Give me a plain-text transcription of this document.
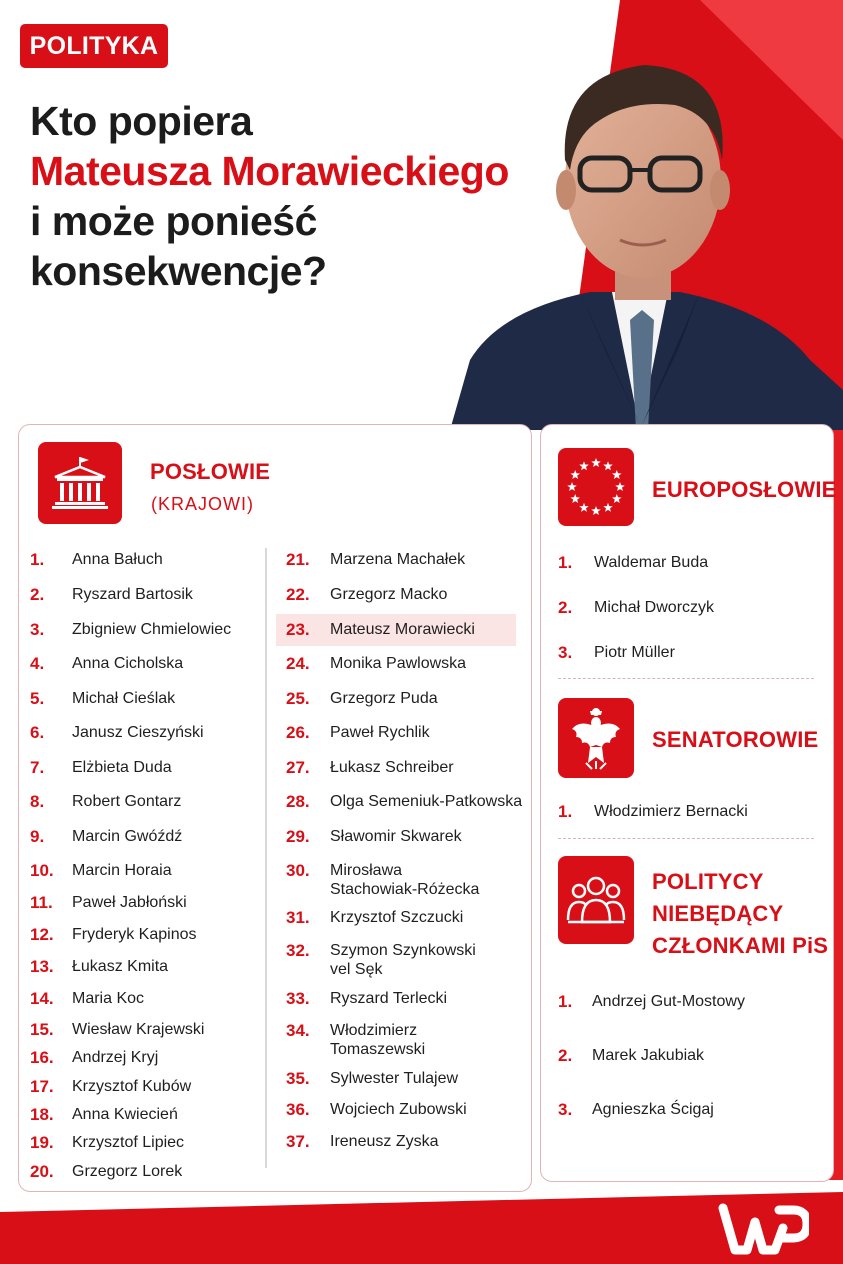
POLITYKA
Kto popiera
Mateusza Morawieckiego
i może ponieść
konsekwencje?
POSŁOWIE
(KRAJOWI)
1.	Anna Bałuch
2.	Ryszard Bartosik
3.	Zbigniew Chmielowiec
4.	Anna Cicholska
5.	Michał Cieślak
6.	Janusz Cieszyński
7.	Elżbieta Duda
8.	Robert Gontarz
9.	Marcin Gwóźdź
10.	Marcin Horaia
11.	Paweł Jabłoński
12.	Fryderyk Kapinos
13.	Łukasz Kmita
14.	Maria Koc
15.	Wiesław Krajewski
16.	Andrzej Kryj
17.	Krzysztof Kubów
18.	Anna Kwiecień
19.	Krzysztof Lipiec
20.	Grzegorz Lorek
21.	Marzena Machałek
22.	Grzegorz Macko
23.	Mateusz Morawiecki
24.	Monika Pawlowska
25.	Grzegorz Puda
26.	Paweł Rychlik
27.	Łukasz Schreiber
28.	Olga Semeniuk-Patkowska
29.	Sławomir Skwarek
30.	Mirosława
Stachowiak-Różecka
31.	Krzysztof Szczucki
32.	Szymon Szynkowski
vel Sęk
33.	Ryszard Terlecki
34.	Włodzimierz
Tomaszewski
35.	Sylwester Tulajew
36.	Wojciech Zubowski
37.	Ireneusz Zyska
EUROPOSŁOWIE
1.	Waldemar Buda
2.	Michał Dworczyk
3.	Piotr Müller
SENATOROWIE
1.	Włodzimierz Bernacki
POLITYCY
NIEBĘDĄCY
CZŁONKAMI PiS
1.	Andrzej Gut-Mostowy
2.	Marek Jakubiak
3.	Agnieszka Ścigaj
